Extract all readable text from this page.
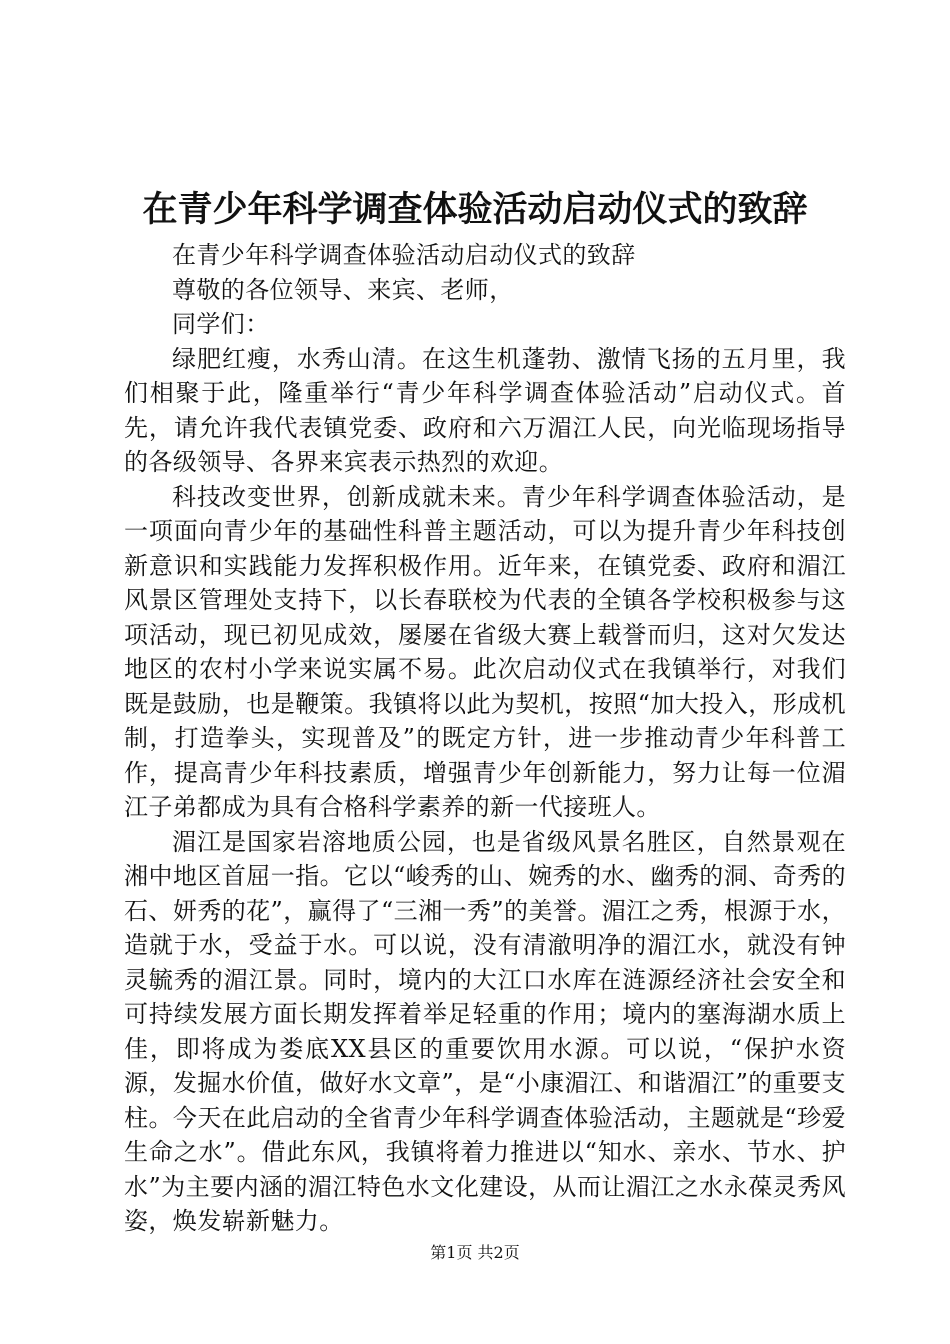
在青少年科学调查体验活动启动仪式的致辞

在青少年科学调查体验活动启动仪式的致辞

尊敬的各位领导、来宾、老师，

同学们：

绿肥红瘦，水秀山清。在这生机蓬勃、激情飞扬的五月里，我们相聚于此，隆重举行“青少年科学调查体验活动”启动仪式。首先，请允许我代表镇党委、政府和六万湄江人民，向光临现场指导的各级领导、各界来宾表示热烈的欢迎。

科技改变世界，创新成就未来。青少年科学调查体验活动，是一项面向青少年的基础性科普主题活动，可以为提升青少年科技创新意识和实践能力发挥积极作用。近年来，在镇党委、政府和湄江风景区管理处支持下，以长春联校为代表的全镇各学校积极参与这项活动，现已初见成效，屡屡在省级大赛上载誉而归，这对欠发达地区的农村小学来说实属不易。此次启动仪式在我镇举行，对我们既是鼓励，也是鞭策。我镇将以此为契机，按照“加大投入，形成机制，打造拳头，实现普及”的既定方针，进一步推动青少年科普工作，提高青少年科技素质，增强青少年创新能力，努力让每一位湄江子弟都成为具有合格科学素养的新一代接班人。

湄江是国家岩溶地质公园，也是省级风景名胜区，自然景观在湘中地区首屈一指。它以“峻秀的山、婉秀的水、幽秀的洞、奇秀的石、妍秀的花”，赢得了“三湘一秀”的美誉。湄江之秀，根源于水，造就于水，受益于水。可以说，没有清澈明净的湄江水，就没有钟灵毓秀的湄江景。同时，境内的大江口水库在涟源经济社会安全和可持续发展方面长期发挥着举足轻重的作用；境内的塞海湖水质上佳，即将成为娄底XX县区的重要饮用水源。可以说，“保护水资源，发掘水价值，做好水文章”，是“小康湄江、和谐湄江”的重要支柱。今天在此启动的全省青少年科学调查体验活动，主题就是“珍爱生命之水”。借此东风，我镇将着力推进以“知水、亲水、节水、护水”为主要内涵的湄江特色水文化建设，从而让湄江之水永葆灵秀风姿，焕发崭新魅力。

第1页 共2页
